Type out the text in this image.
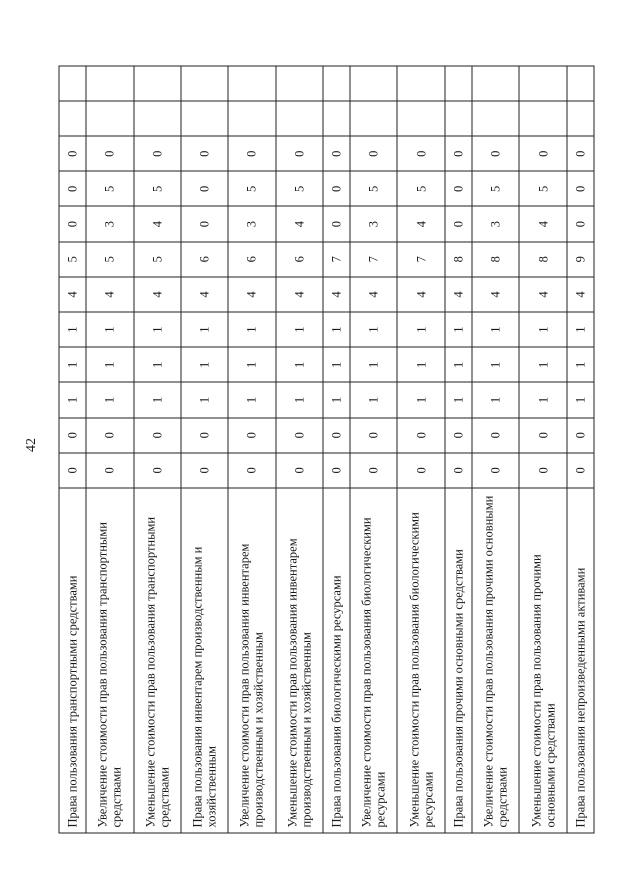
42
Права пользования транспортными средствами	0	0	1	1	1	4	5	0	0	0		
Увеличение стоимости прав пользования транспортными средствами	0	0	1	1	1	4	5	3	5	0		
Уменьшение стоимости прав пользования транспортными средствами	0	0	1	1	1	4	5	4	5	0		
Права пользования инвентарем производственным и хозяйственным	0	0	1	1	1	4	6	0	0	0		
Увеличение стоимости прав пользования инвентарем производственным и хозяйственным	0	0	1	1	1	4	6	3	5	0		
Уменьшение стоимости прав пользования инвентарем производственным и хозяйственным	0	0	1	1	1	4	6	4	5	0		
Права пользования биологическими ресурсами	0	0	1	1	1	4	7	0	0	0		
Увеличение стоимости прав пользования биологическими ресурсами	0	0	1	1	1	4	7	3	5	0		
Уменьшение стоимости прав пользования биологическими ресурсами	0	0	1	1	1	4	7	4	5	0		
Права пользования прочими основными средствами	0	0	1	1	1	4	8	0	0	0		
Увеличение стоимости прав пользования прочими основными средствами	0	0	1	1	1	4	8	3	5	0		
Уменьшение стоимости прав пользования прочими основными средствами	0	0	1	1	1	4	8	4	5	0		
Права пользования непроизведенными активами	0	0	1	1	1	4	9	0	0	0		
